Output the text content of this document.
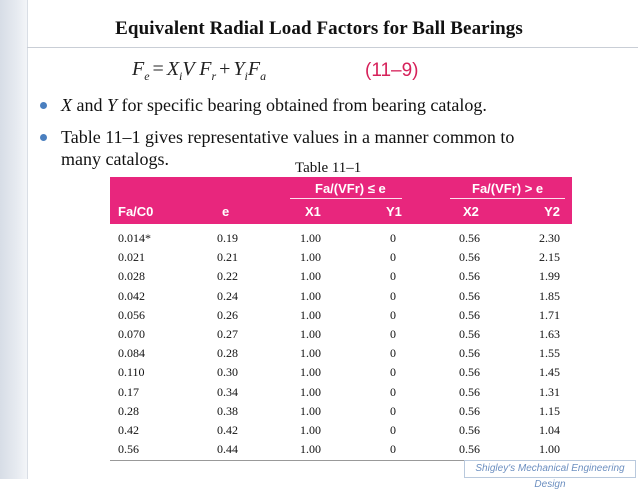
Equivalent Radial Load Factors for Ball Bearings
$F_e = X_iV$ $F_r + Y_iF_a$	(11–9)
X and Y for specific bearing obtained from bearing catalog.
Table 11–1 gives representative values in a manner common to
many catalogs.	Table 11–1
Fa/(VFr) ≤ e	Fa/(VFr) > e
Fa/C0	e	X1	Y1	X2	Y2
0.014*	0.19	1.00	0	0.56	2.30
0.021	0.21	1.00	0	0.56	2.15
0.028	0.22	1.00	0	0.56	1.99
0.042	0.24	1.00	0	0.56	1.85
0.056	0.26	1.00	0	0.56	1.71
0.070	0.27	1.00	0	0.56	1.63
0.084	0.28	1.00	0	0.56	1.55
0.110	0.30	1.00	0	0.56	1.45
0.17	0.34	1.00	0	0.56	1.31
0.28	0.38	1.00	0	0.56	1.15
0.42	0.42	1.00	0	0.56	1.04
0.56	0.44	1.00	0	0.56	1.00
Shigley's Mechanical Engineering Design
